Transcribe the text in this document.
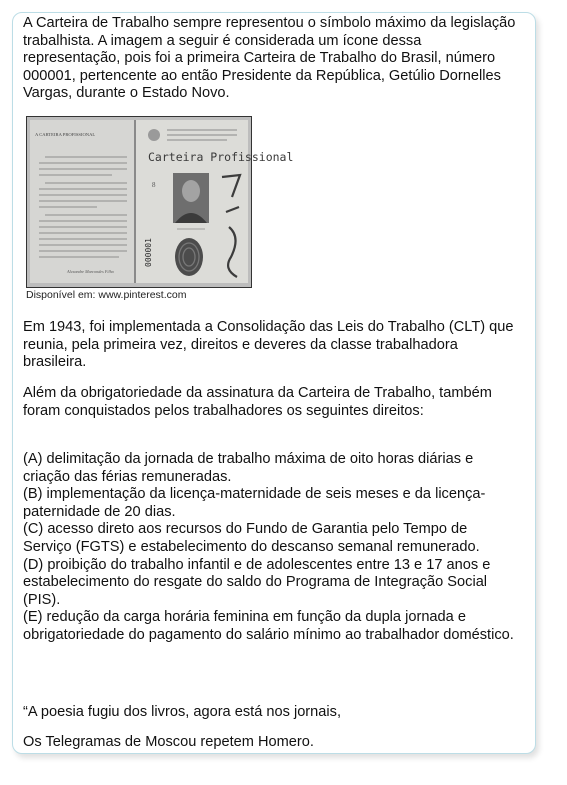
A Carteira de Trabalho sempre representou o símbolo máximo da legislação trabalhista. A imagem a seguir é considerada um ícone dessa representação, pois foi a primeira Carteira de Trabalho do Brasil, número 000001, pertencente ao então Presidente da República, Getúlio Dornelles Vargas, durante o Estado Novo.
A CARTEIRA PROFISSIONAL
Alexandre Marcondes Filho
Carteira Profissional
000001
8
Disponível em: www.pinterest.com
Em 1943, foi implementada a Consolidação das Leis do Trabalho (CLT) que reunia, pela primeira vez, direitos e deveres da classe trabalhadora brasileira.
Além da obrigatoriedade da assinatura da Carteira de Trabalho, também foram conquistados pelos trabalhadores os seguintes direitos:
(A) delimitação da jornada de trabalho máxima de oito horas diárias e criação das férias remuneradas.
(B) implementação da licença-maternidade de seis meses e da licença-paternidade de 20 dias.
(C) acesso direto aos recursos do Fundo de Garantia pelo Tempo de Serviço (FGTS) e estabelecimento do descanso semanal remunerado.
(D) proibição do trabalho infantil e de adolescentes entre 13 e 17 anos e estabelecimento do resgate do saldo do Programa de Integração Social (PIS).
(E) redução da carga horária feminina em função da dupla jornada e obrigatoriedade do pagamento do salário mínimo ao trabalhador doméstico.
“A poesia fugiu dos livros, agora está nos jornais,
Os Telegramas de Moscou repetem Homero.
